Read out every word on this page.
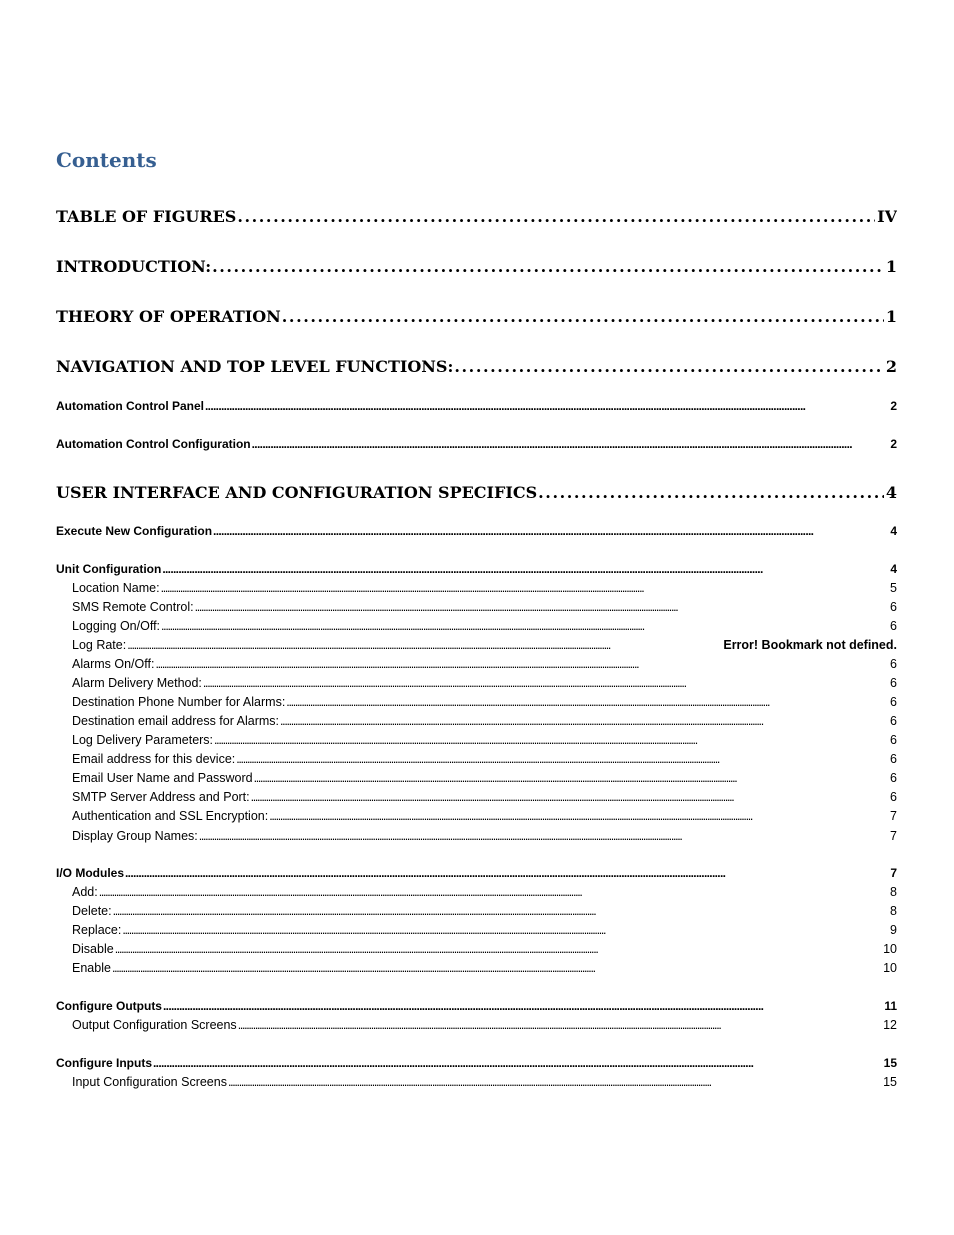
Contents
TABLE OF FIGURES . . .	IV
INTRODUCTION: . . .	1
THEORY OF OPERATION . . .	1
NAVIGATION AND TOP LEVEL FUNCTIONS: . . .	2
Automation Control Panel . . .	2
Automation Control Configuration . . .	2
USER INTERFACE AND CONFIGURATION SPECIFICS . . .	4
Execute New Configuration . . .	4
Unit Configuration . . .	4
Location Name: . . .	5
SMS Remote Control: . . .	6
Logging On/Off: . . .	6
Log Rate: . . .	Error! Bookmark not defined.
Alarms On/Off: . . .	6
Alarm Delivery Method: . . .	6
Destination Phone Number for Alarms: . . .	6
Destination email address for Alarms: . . .	6
Log Delivery Parameters: . . .	6
Email address for this device: . . .	6
Email User Name and Password . . .	6
SMTP Server Address and Port: . . .	6
Authentication and SSL Encryption: . . .	7
Display Group Names: . . .	7
I/O Modules . . .	7
Add: . . .	8
Delete: . . .	8
Replace: . . .	9
Disable . . .	10
Enable . . .	10
Configure Outputs . . .	11
Output Configuration Screens . . .	12
Configure Inputs . . .	15
Input Configuration Screens . . .	15
